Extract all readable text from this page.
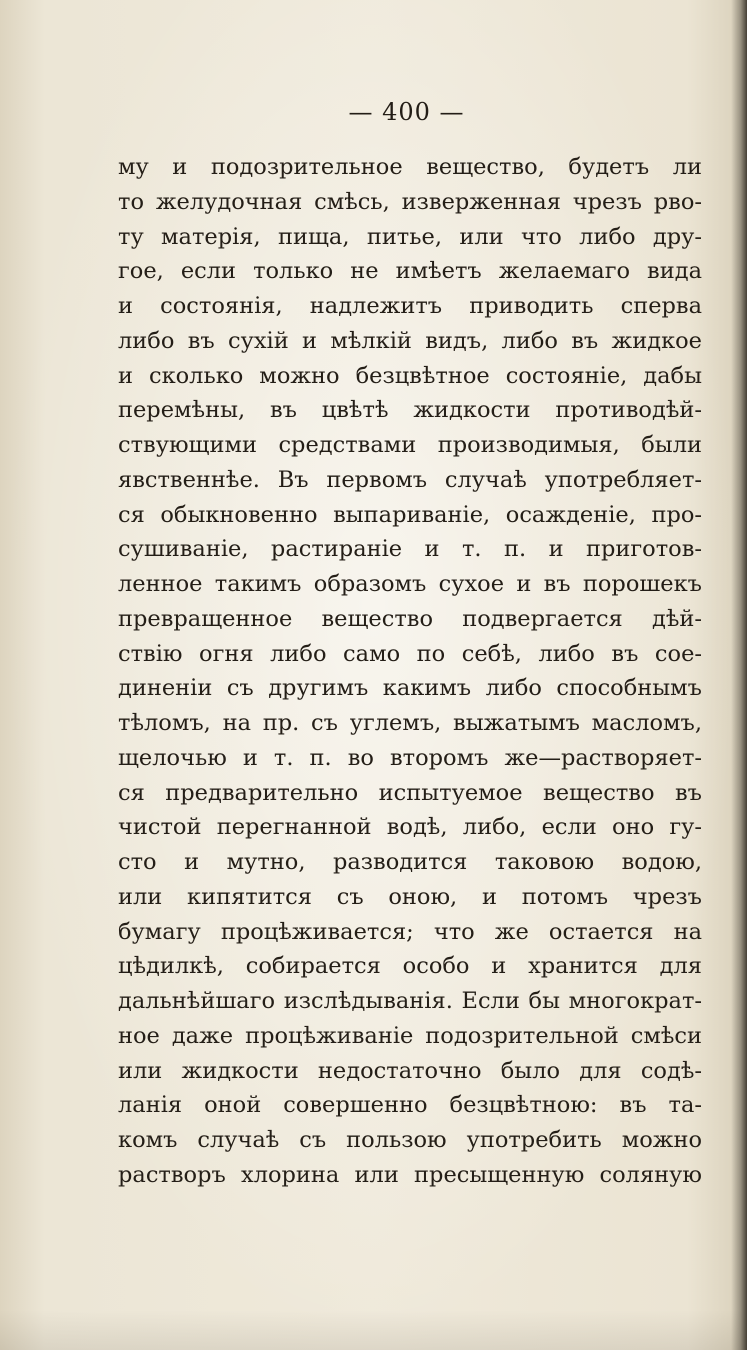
— 400 —
му и подозрительное вещество, будетъ ли
то желудочная смѣсь, изверженная чрезъ рво-
ту матерія, пища, питье, или что либо дру-
гое, если только не имѣетъ желаемаго вида
и состоянія, надлежитъ приводить сперва
либо въ сухій и мѣлкій видъ, либо въ жидкое
и сколько можно безцвѣтное состояніе, дабы
перемѣны, въ цвѣтѣ жидкости противодѣй-
ствующими средствами производимыя, были
явственнѣе. Въ первомъ случаѣ употребляет-
ся обыкновенно выпариваніе, осажденіе, про-
сушиваніе, растираніе и т. п. и приготов-
ленное такимъ образомъ сухое и въ порошекъ
превращенное вещество подвергается дѣй-
ствію огня либо само по себѣ, либо въ сое-
диненіи съ другимъ какимъ либо способнымъ
тѣломъ, на пр. съ углемъ, выжатымъ масломъ,
щелочью и т. п. во второмъ же—растворяет-
ся предварительно испытуемое вещество въ
чистой перегнанной водѣ, либо, если оно гу-
сто и мутно, разводится таковою водою,
или кипятится съ оною, и потомъ чрезъ
бумагу процѣживается; что же остается на
цѣдилкѣ, собирается особо и хранится для
дальнѣйшаго изслѣдыванія. Если бы многократ-
ное даже процѣживаніе подозрительной смѣси
или жидкости недостаточно было для содѣ-
ланія оной совершенно безцвѣтною: въ та-
комъ случаѣ съ пользою употребить можно
растворъ хлорина или пресыщенную соляную
